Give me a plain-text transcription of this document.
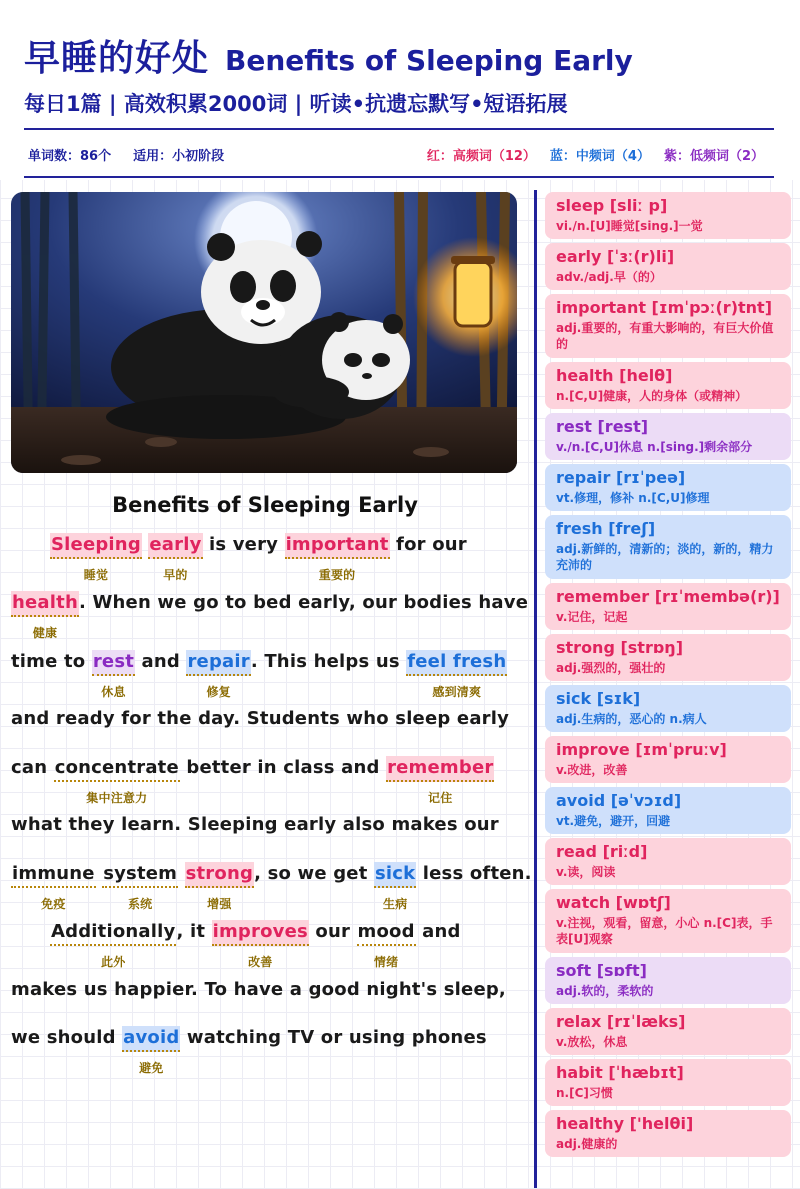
早睡的好处 Benefits of Sleeping Early
每日1篇 | 高效积累2000词 | 听读•抗遗忘默写•短语拓展
单词数：86个 适用：小初阶段	红：高频词（12） 蓝：中频词（4） 紫：低频词（2）
Benefits of Sleeping Early
Sleeping
睡觉
early
早的
is very important
重要的
for our
health
健康
. When we go to bed early, our bodies have
time to rest
休息
and repair
修复
. This helps us feel fresh
感到清爽
and ready for the day. Students who sleep early
can concentrate
集中注意力
better in class and remember
记住
what they learn. Sleeping early also makes our
immune
免疫
system
系统
strong
增强
, so we get sick
生病
less often.
Additionally
此外
, it improves
改善
our mood
情绪
and
makes us happier. To have a good night's sleep,
we should avoid
避免
watching TV or using phones
sleep [sliː p]
vi./n.[U]睡觉[sing.]一觉
early [ˈɜː(r)li]
adv./adj.早（的）
important [ɪmˈpɔː(r)tnt]
adj.重要的，有重大影响的，有巨大价值的
health [helθ]
n.[C,U]健康，人的身体（或精神）
rest [rest]
v./n.[C,U]休息 n.[sing.]剩余部分
repair [rɪˈpeə]
vt.修理，修补 n.[C,U]修理
fresh [freʃ]
adj.新鲜的，清新的；淡的，新的，精力充沛的
remember [rɪˈmembə(r)]
v.记住，记起
strong [strɒŋ]
adj.强烈的，强壮的
sick [sɪk]
adj.生病的，恶心的 n.病人
improve [ɪmˈpruːv]
v.改进，改善
avoid [əˈvɔɪd]
vt.避免，避开，回避
read [riːd]
v.读，阅读
watch [wɒtʃ]
v.注视，观看，留意，小心 n.[C]表，手表[U]观察
soft [sɒft]
adj.软的，柔软的
relax [rɪˈlæks]
v.放松，休息
habit [ˈhæbɪt]
n.[C]习惯
healthy ['helθi]
adj.健康的
